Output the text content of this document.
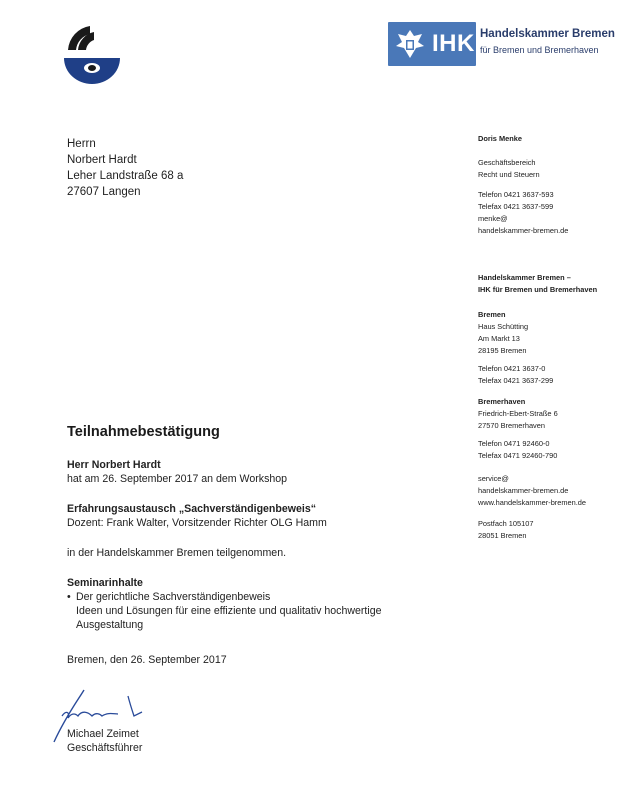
IHK Handelskammer Bremen
für Bremen und Bremerhaven
Herrn
Norbert Hardt
Leher Landstraße 68 a
27607 Langen
Doris Menke
Geschäftsbereich
Recht und Steuern
Telefon 0421 3637-593
Telefax 0421 3637-599
menke@
handelskammer-bremen.de
Handelskammer Bremen –
IHK für Bremen und Bremerhaven
Bremen
Haus Schütting
Am Markt 13
28195 Bremen
Telefon 0421 3637-0
Telefax 0421 3637-299
Bremerhaven
Friedrich-Ebert-Straße 6
27570 Bremerhaven
Telefon 0471 92460-0
Telefax 0471 92460-790
service@
handelskammer-bremen.de
www.handelskammer-bremen.de
Postfach 105107
28051 Bremen
Teilnahmebestätigung
Herr Norbert Hardt
hat am 26. September 2017 an dem Workshop
Erfahrungsaustausch „Sachverständigenbeweis“
Dozent: Frank Walter, Vorsitzender Richter OLG Hamm
in der Handelskammer Bremen teilgenommen.
Seminarinhalte
• Der gerichtliche Sachverständigenbeweis
Ideen und Lösungen für eine effiziente und qualitativ hochwertige
Ausgestaltung
Bremen, den 26. September 2017
Michael Zeimet
Geschäftsführer
